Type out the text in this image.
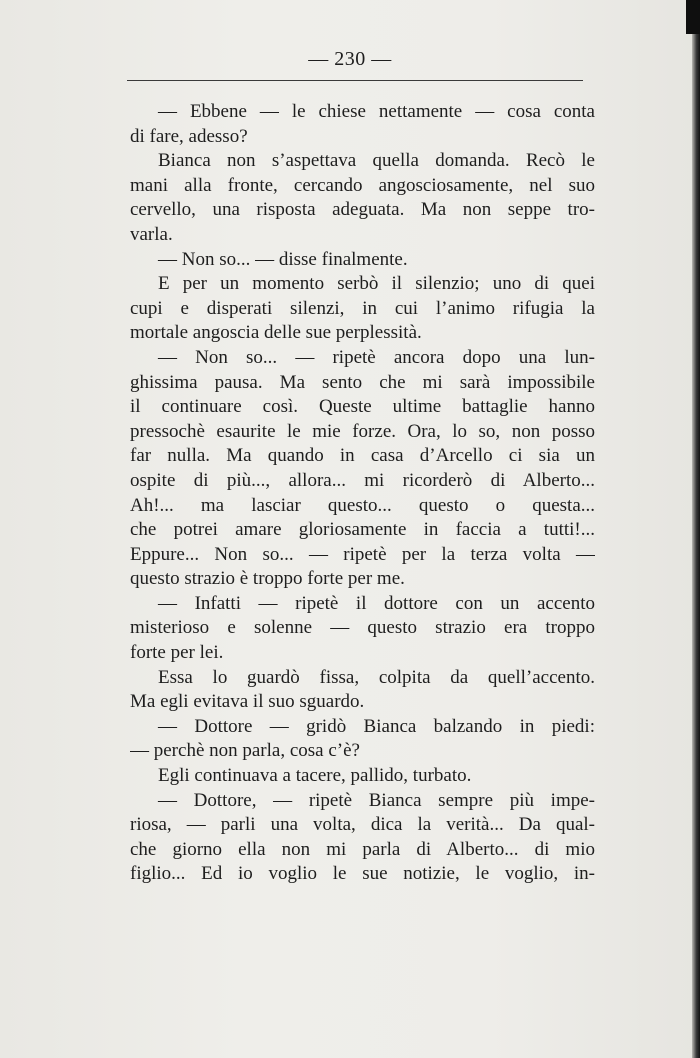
— 230 —
— Ebbene — le chiese nettamente — cosa conta
di fare, adesso?
Bianca non s’aspettava quella domanda. Recò le
mani alla fronte, cercando angosciosamente, nel suo
cervello, una risposta adeguata. Ma non seppe tro-
varla.
— Non so... — disse finalmente.
E per un momento serbò il silenzio; uno di quei
cupi e disperati silenzi, in cui l’animo rifugia la
mortale angoscia delle sue perplessità.
— Non so... — ripetè ancora dopo una lun-
ghissima pausa. Ma sento che mi sarà impossibile
il continuare così. Queste ultime battaglie hanno
pressochè esaurite le mie forze. Ora, lo so, non posso
far nulla. Ma quando in casa d’Arcello ci sia un
ospite di più..., allora... mi ricorderò di Alberto...
Ah!... ma lasciar questo... questo o questa...
che potrei amare gloriosamente in faccia a tutti!...
Eppure... Non so... — ripetè per la terza volta —
questo strazio è troppo forte per me.
— Infatti — ripetè il dottore con un accento
misterioso e solenne — questo strazio era troppo
forte per lei.
Essa lo guardò fissa, colpita da quell’accento.
Ma egli evitava il suo sguardo.
— Dottore — gridò Bianca balzando in piedi:
— perchè non parla, cosa c’è?
Egli continuava a tacere, pallido, turbato.
— Dottore, — ripetè Bianca sempre più impe-
riosa, — parli una volta, dica la verità... Da qual-
che giorno ella non mi parla di Alberto... di mio
figlio... Ed io voglio le sue notizie, le voglio, in-
